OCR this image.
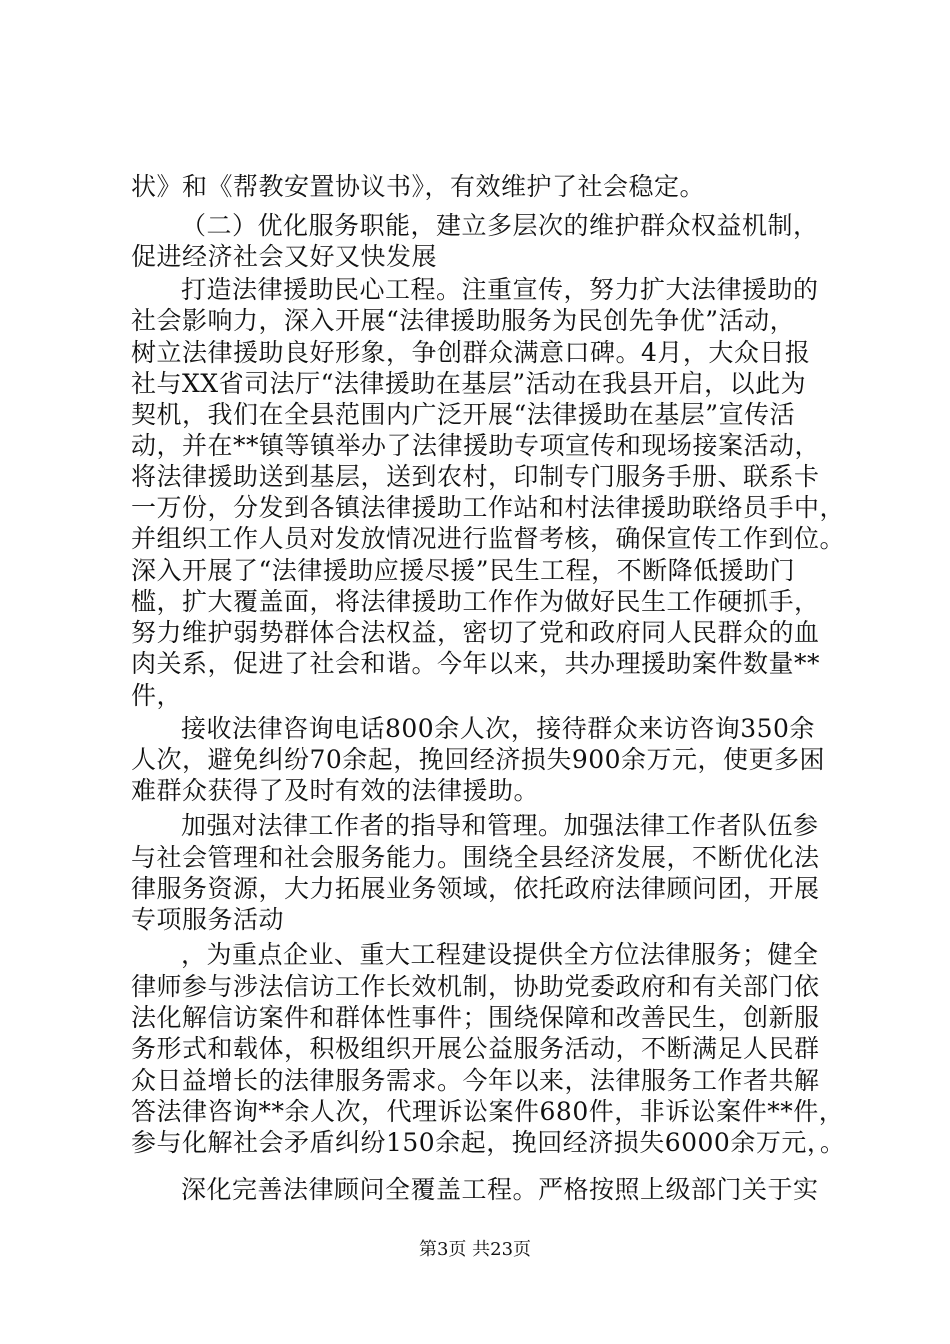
状》和《帮教安置协议书》，有效维护了社会稳定。
（二）优化服务职能，建立多层次的维护群众权益机制，
促进经济社会又好又快发展
打造法律援助民心工程。注重宣传，努力扩大法律援助的
社会影响力，深入开展“法律援助服务为民创先争优”活动，
树立法律援助良好形象，争创群众满意口碑。4月，大众日报
社与XX省司法厅“法律援助在基层”活动在我县开启，以此为
契机，我们在全县范围内广泛开展“法律援助在基层”宣传活
动，并在**镇等镇举办了法律援助专项宣传和现场接案活动，
将法律援助送到基层，送到农村，印制专门服务手册、联系卡
一万份，分发到各镇法律援助工作站和村法律援助联络员手中，
并组织工作人员对发放情况进行监督考核，确保宣传工作到位。
深入开展了“法律援助应援尽援”民生工程，不断降低援助门
槛，扩大覆盖面，将法律援助工作作为做好民生工作硬抓手，
努力维护弱势群体合法权益，密切了党和政府同人民群众的血
肉关系，促进了社会和谐。今年以来，共办理援助案件数量**
件，
接收法律咨询电话800余人次，接待群众来访咨询350余
人次，避免纠纷70余起，挽回经济损失900余万元，使更多困
难群众获得了及时有效的法律援助。
加强对法律工作者的指导和管理。加强法律工作者队伍参
与社会管理和社会服务能力。围绕全县经济发展，不断优化法
律服务资源，大力拓展业务领域，依托政府法律顾问团，开展
专项服务活动
，为重点企业、重大工程建设提供全方位法律服务；健全
律师参与涉法信访工作长效机制，协助党委政府和有关部门依
法化解信访案件和群体性事件；围绕保障和改善民生，创新服
务形式和载体，积极组织开展公益服务活动，不断满足人民群
众日益增长的法律服务需求。今年以来，法律服务工作者共解
答法律咨询**余人次，代理诉讼案件680件，非诉讼案件**件，
参与化解社会矛盾纠纷150余起，挽回经济损失6000余万元，。
深化完善法律顾问全覆盖工程。严格按照上级部门关于实
第3页 共23页
